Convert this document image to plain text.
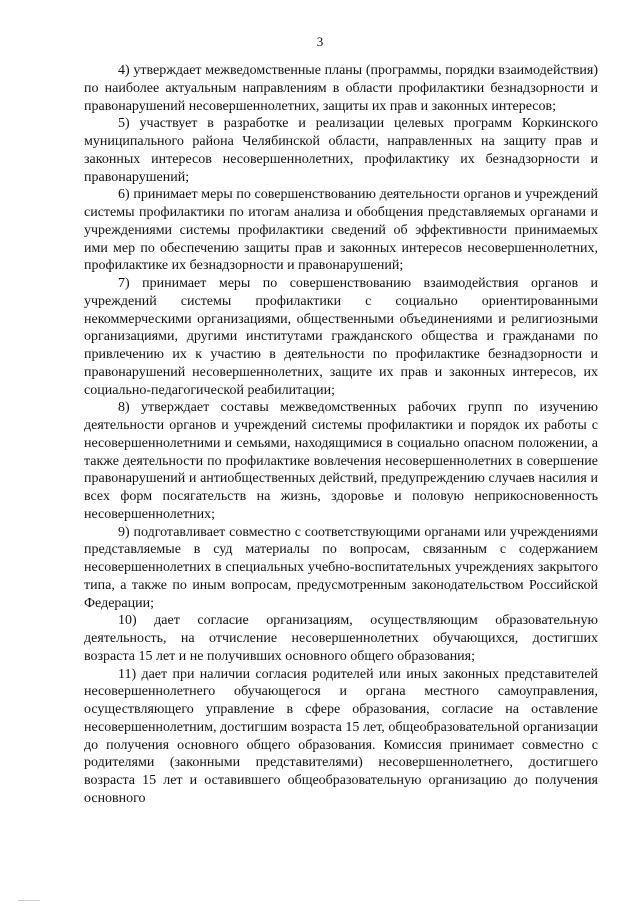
3

4) утверждает межведомственные планы (программы, порядки взаимодействия) по наиболее актуальным направлениям в области профилактики безнадзорности и правонарушений несовершеннолетних, защиты их прав и законных интересов;

5) участвует в разработке и реализации целевых программ Коркинского муниципального района Челябинской области, направленных на защиту прав и законных интересов несовершеннолетних, профилактику их безнадзорности и правонарушений;

6) принимает меры по совершенствованию деятельности органов и учреждений системы профилактики по итогам анализа и обобщения представляемых органами и учреждениями системы профилактики сведений об эффективности принимаемых ими мер по обеспечению защиты прав и законных интересов несовершеннолетних, профилактике их безнадзорности и правонарушений;

7) принимает меры по совершенствованию взаимодействия органов и учреждений системы профилактики с социально ориентированными некоммерческими организациями, общественными объединениями и религиозными организациями, другими институтами гражданского общества и гражданами по привлечению их к участию в деятельности по профилактике безнадзорности и правонарушений несовершеннолетних, защите их прав и законных интересов, их социально-педагогической реабилитации;

8) утверждает составы межведомственных рабочих групп по изучению деятельности органов и учреждений системы профилактики и порядок их работы с несовершеннолетними и семьями, находящимися в социально опасном положении, а также деятельности по профилактике вовлечения несовершеннолетних в совершение правонарушений и антиобщественных действий, предупреждению случаев насилия и всех форм посягательств на жизнь, здоровье и половую неприкосновенность несовершеннолетних;

9) подготавливает совместно с соответствующими органами или учреждениями представляемые в суд материалы по вопросам, связанным с содержанием несовершеннолетних в специальных учебно-воспитательных учреждениях закрытого типа, а также по иным вопросам, предусмотренным законодательством Российской Федерации;

10) дает согласие организациям, осуществляющим образовательную деятельность, на отчисление несовершеннолетних обучающихся, достигших возраста 15 лет и не получивших основного общего образования;

11) дает при наличии согласия родителей или иных законных представителей несовершеннолетнего обучающегося и органа местного самоуправления, осуществляющего управление в сфере образования, согласие на оставление несовершеннолетним, достигшим возраста 15 лет, общеобразовательной организации до получения основного общего образования. Комиссия принимает совместно с родителями (законными представителями) несовершеннолетнего, достигшего возраста 15 лет и оставившего общеобразовательную организацию до получения основного
